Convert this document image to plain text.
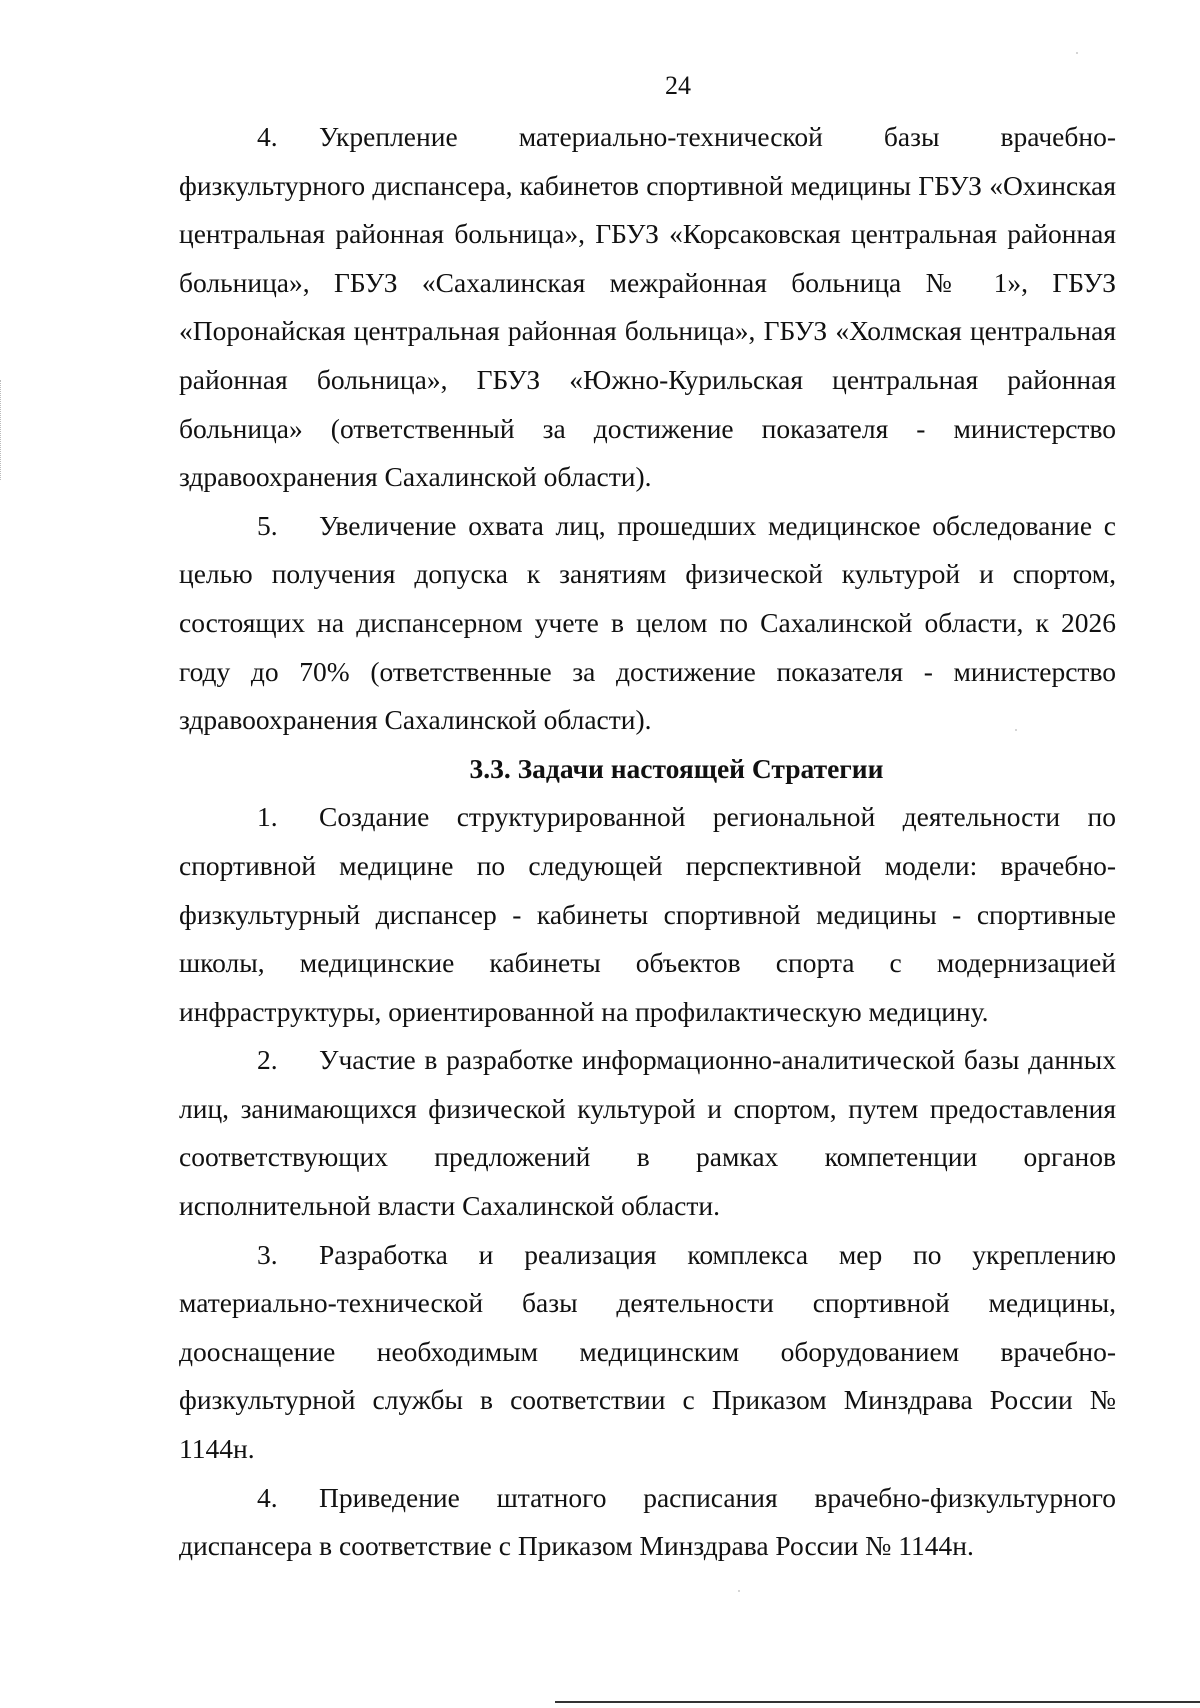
24

4. Укрепление материально-технической базы врачебно-физкультурного диспансера, кабинетов спортивной медицины ГБУЗ «Охинская центральная районная больница», ГБУЗ «Корсаковская центральная районная больница», ГБУЗ «Сахалинская межрайонная больница № 1», ГБУЗ «Поронайская центральная районная больница», ГБУЗ «Холмская центральная районная больница», ГБУЗ «Южно-Курильская центральная районная больница» (ответственный за достижение показателя - министерство здравоохранения Сахалинской области).

5. Увеличение охвата лиц, прошедших медицинское обследование с целью получения допуска к занятиям физической культурой и спортом, состоящих на диспансерном учете в целом по Сахалинской области, к 2026 году до 70% (ответственные за достижение показателя - министерство здравоохранения Сахалинской области).

3.3. Задачи настоящей Стратегии

1. Создание структурированной региональной деятельности по спортивной медицине по следующей перспективной модели: врачебно-физкультурный диспансер - кабинеты спортивной медицины - спортивные школы, медицинские кабинеты объектов спорта с модернизацией инфраструктуры, ориентированной на профилактическую медицину.

2. Участие в разработке информационно-аналитической базы данных лиц, занимающихся физической культурой и спортом, путем предоставления соответствующих предложений в рамках компетенции органов исполнительной власти Сахалинской области.

3. Разработка и реализация комплекса мер по укреплению материально-технической базы деятельности спортивной медицины, дооснащение необходимым медицинским оборудованием врачебно-физкультурной службы в соответствии с Приказом Минздрава России № 1144н.

4. Приведение штатного расписания врачебно-физкультурного диспансера в соответствие с Приказом Минздрава России № 1144н.
